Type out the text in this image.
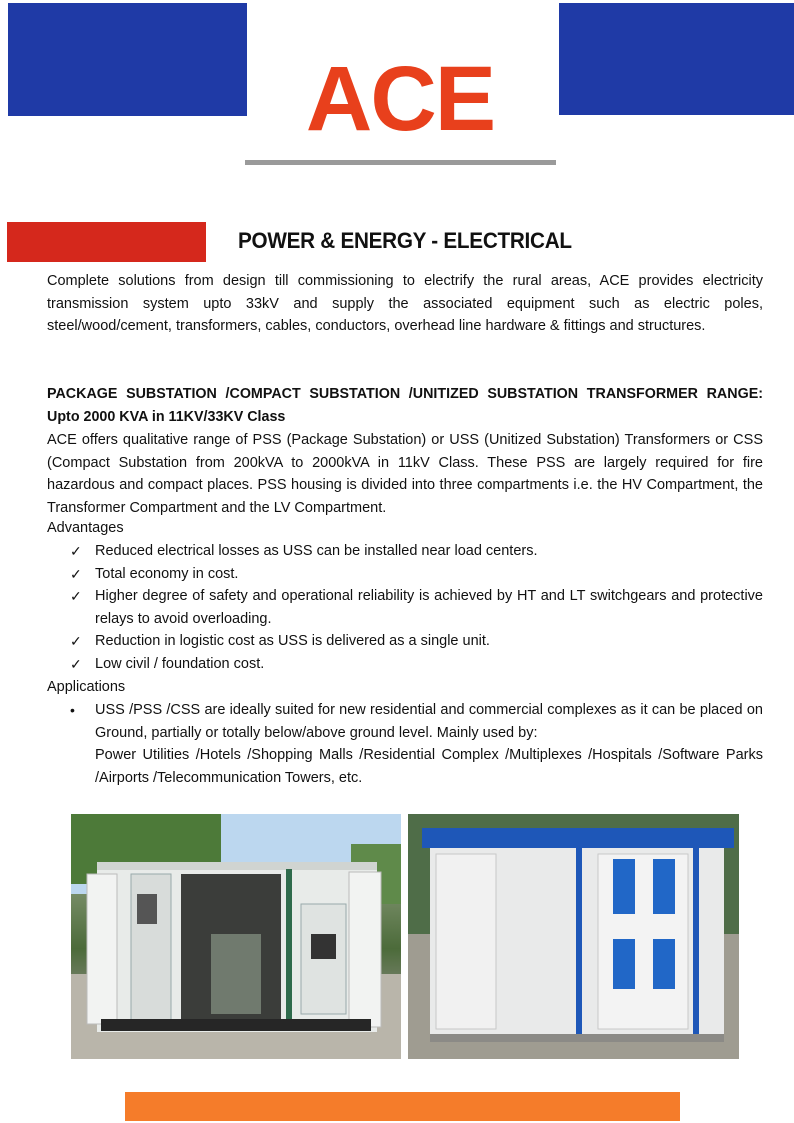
ACE
POWER & ENERGY - ELECTRICAL
Complete solutions from design till commissioning to electrify the rural areas, ACE provides electricity transmission system upto 33kV and supply the associated equipment such as electric poles, steel/wood/cement, transformers, cables, conductors, overhead line hardware & fittings and structures.
PACKAGE SUBSTATION /COMPACT SUBSTATION /UNITIZED SUBSTATION TRANSFORMER RANGE: Upto 2000 KVA in 11KV/33KV Class
ACE offers qualitative range of PSS (Package Substation) or USS (Unitized Substation) Transformers or CSS (Compact Substation from 200kVA to 2000kVA in 11kV Class. These PSS are largely required for fire hazardous and compact places. PSS housing is divided into three compartments i.e. the HV Compartment, the Transformer Compartment and the LV Compartment.
Advantages
✓ Reduced electrical losses as USS can be installed near load centers.
✓ Total economy in cost.
✓ Higher degree of safety and operational reliability is achieved by HT and LT switchgears and protective relays to avoid overloading.
✓ Reduction in logistic cost as USS is delivered as a single unit.
✓ Low civil / foundation cost.
Applications
• USS /PSS /CSS are ideally suited for new residential and commercial complexes as it can be placed on Ground, partially or totally below/above ground level. Mainly used by:
Power Utilities /Hotels /Shopping Malls /Residential Complex /Multiplexes /Hospitals /Software Parks /Airports /Telecommunication Towers, etc.
